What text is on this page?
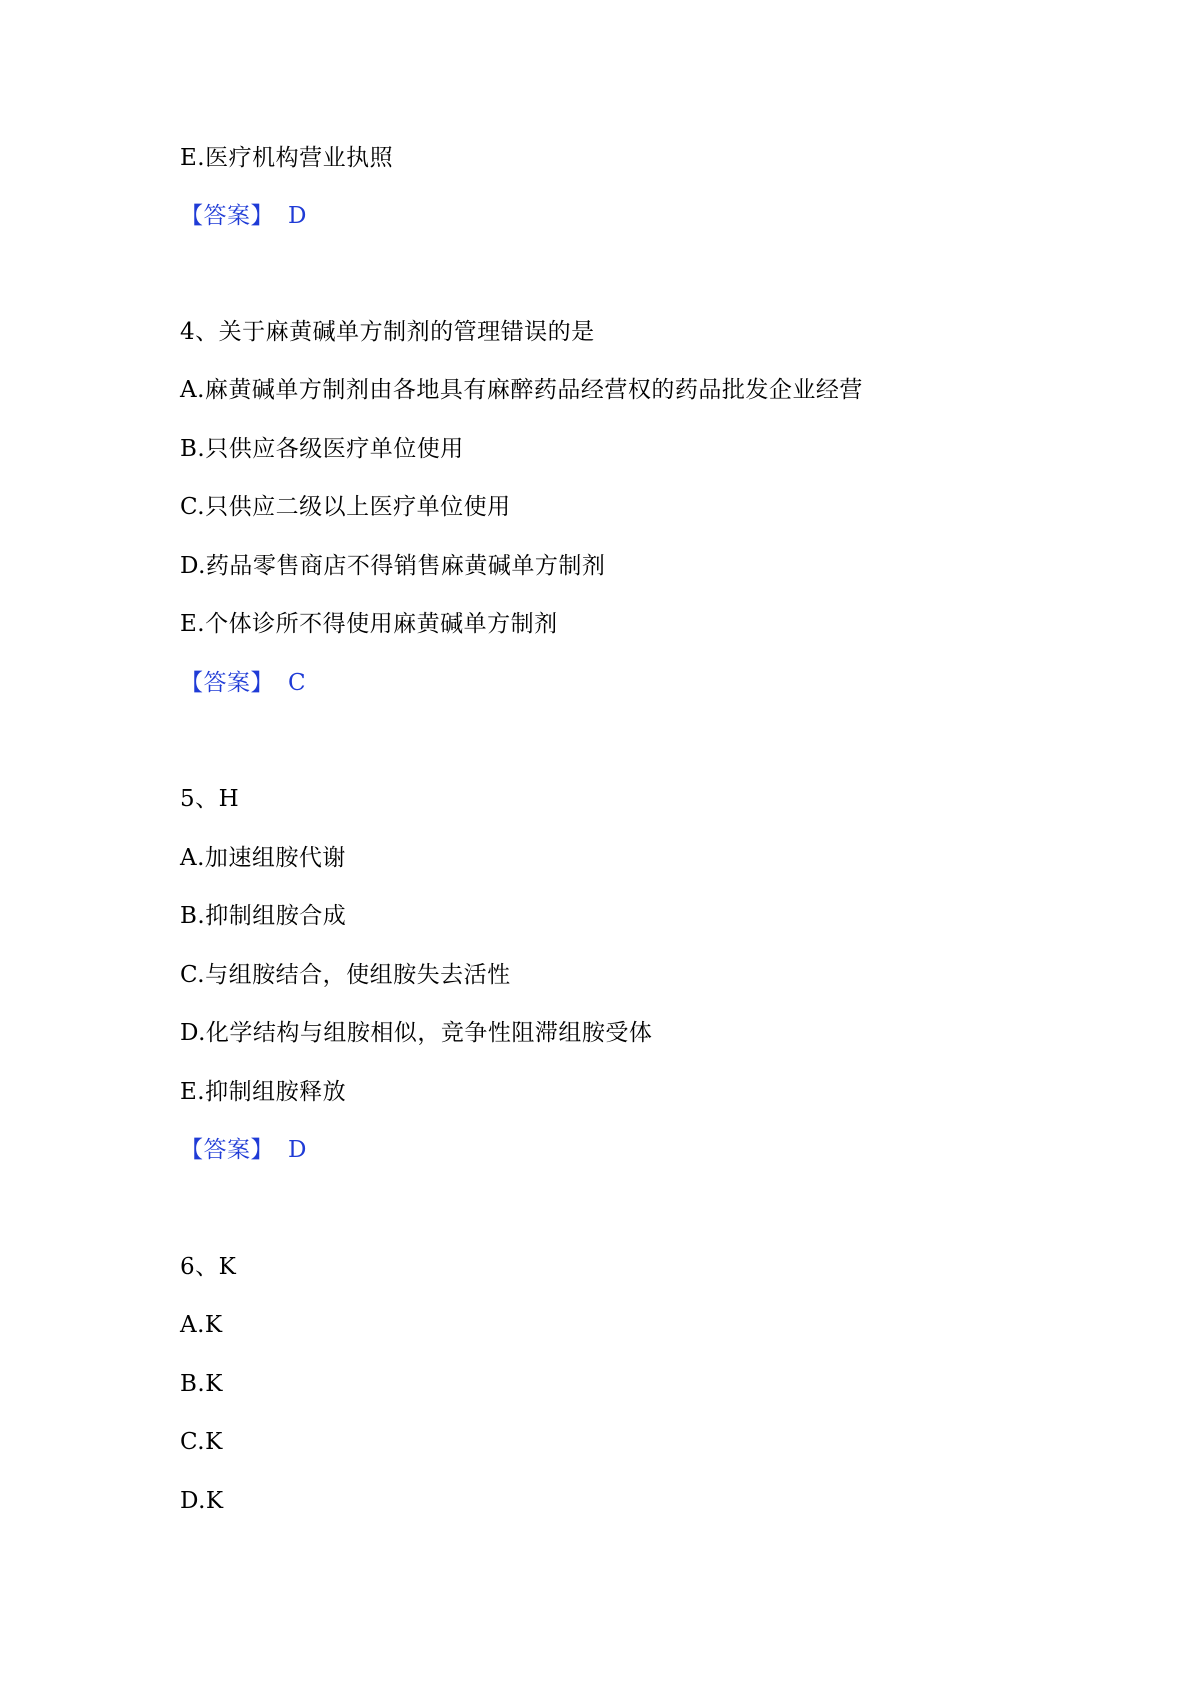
E.医疗机构营业执照
【答案】 D
4、关于麻黄碱单方制剂的管理错误的是
A.麻黄碱单方制剂由各地具有麻醉药品经营权的药品批发企业经营
B.只供应各级医疗单位使用
C.只供应二级以上医疗单位使用
D.药品零售商店不得销售麻黄碱单方制剂
E.个体诊所不得使用麻黄碱单方制剂
【答案】 C
5、H
A.加速组胺代谢
B.抑制组胺合成
C.与组胺结合，使组胺失去活性
D.化学结构与组胺相似，竞争性阻滞组胺受体
E.抑制组胺释放
【答案】 D
6、K
A.K
B.K
C.K
D.K
